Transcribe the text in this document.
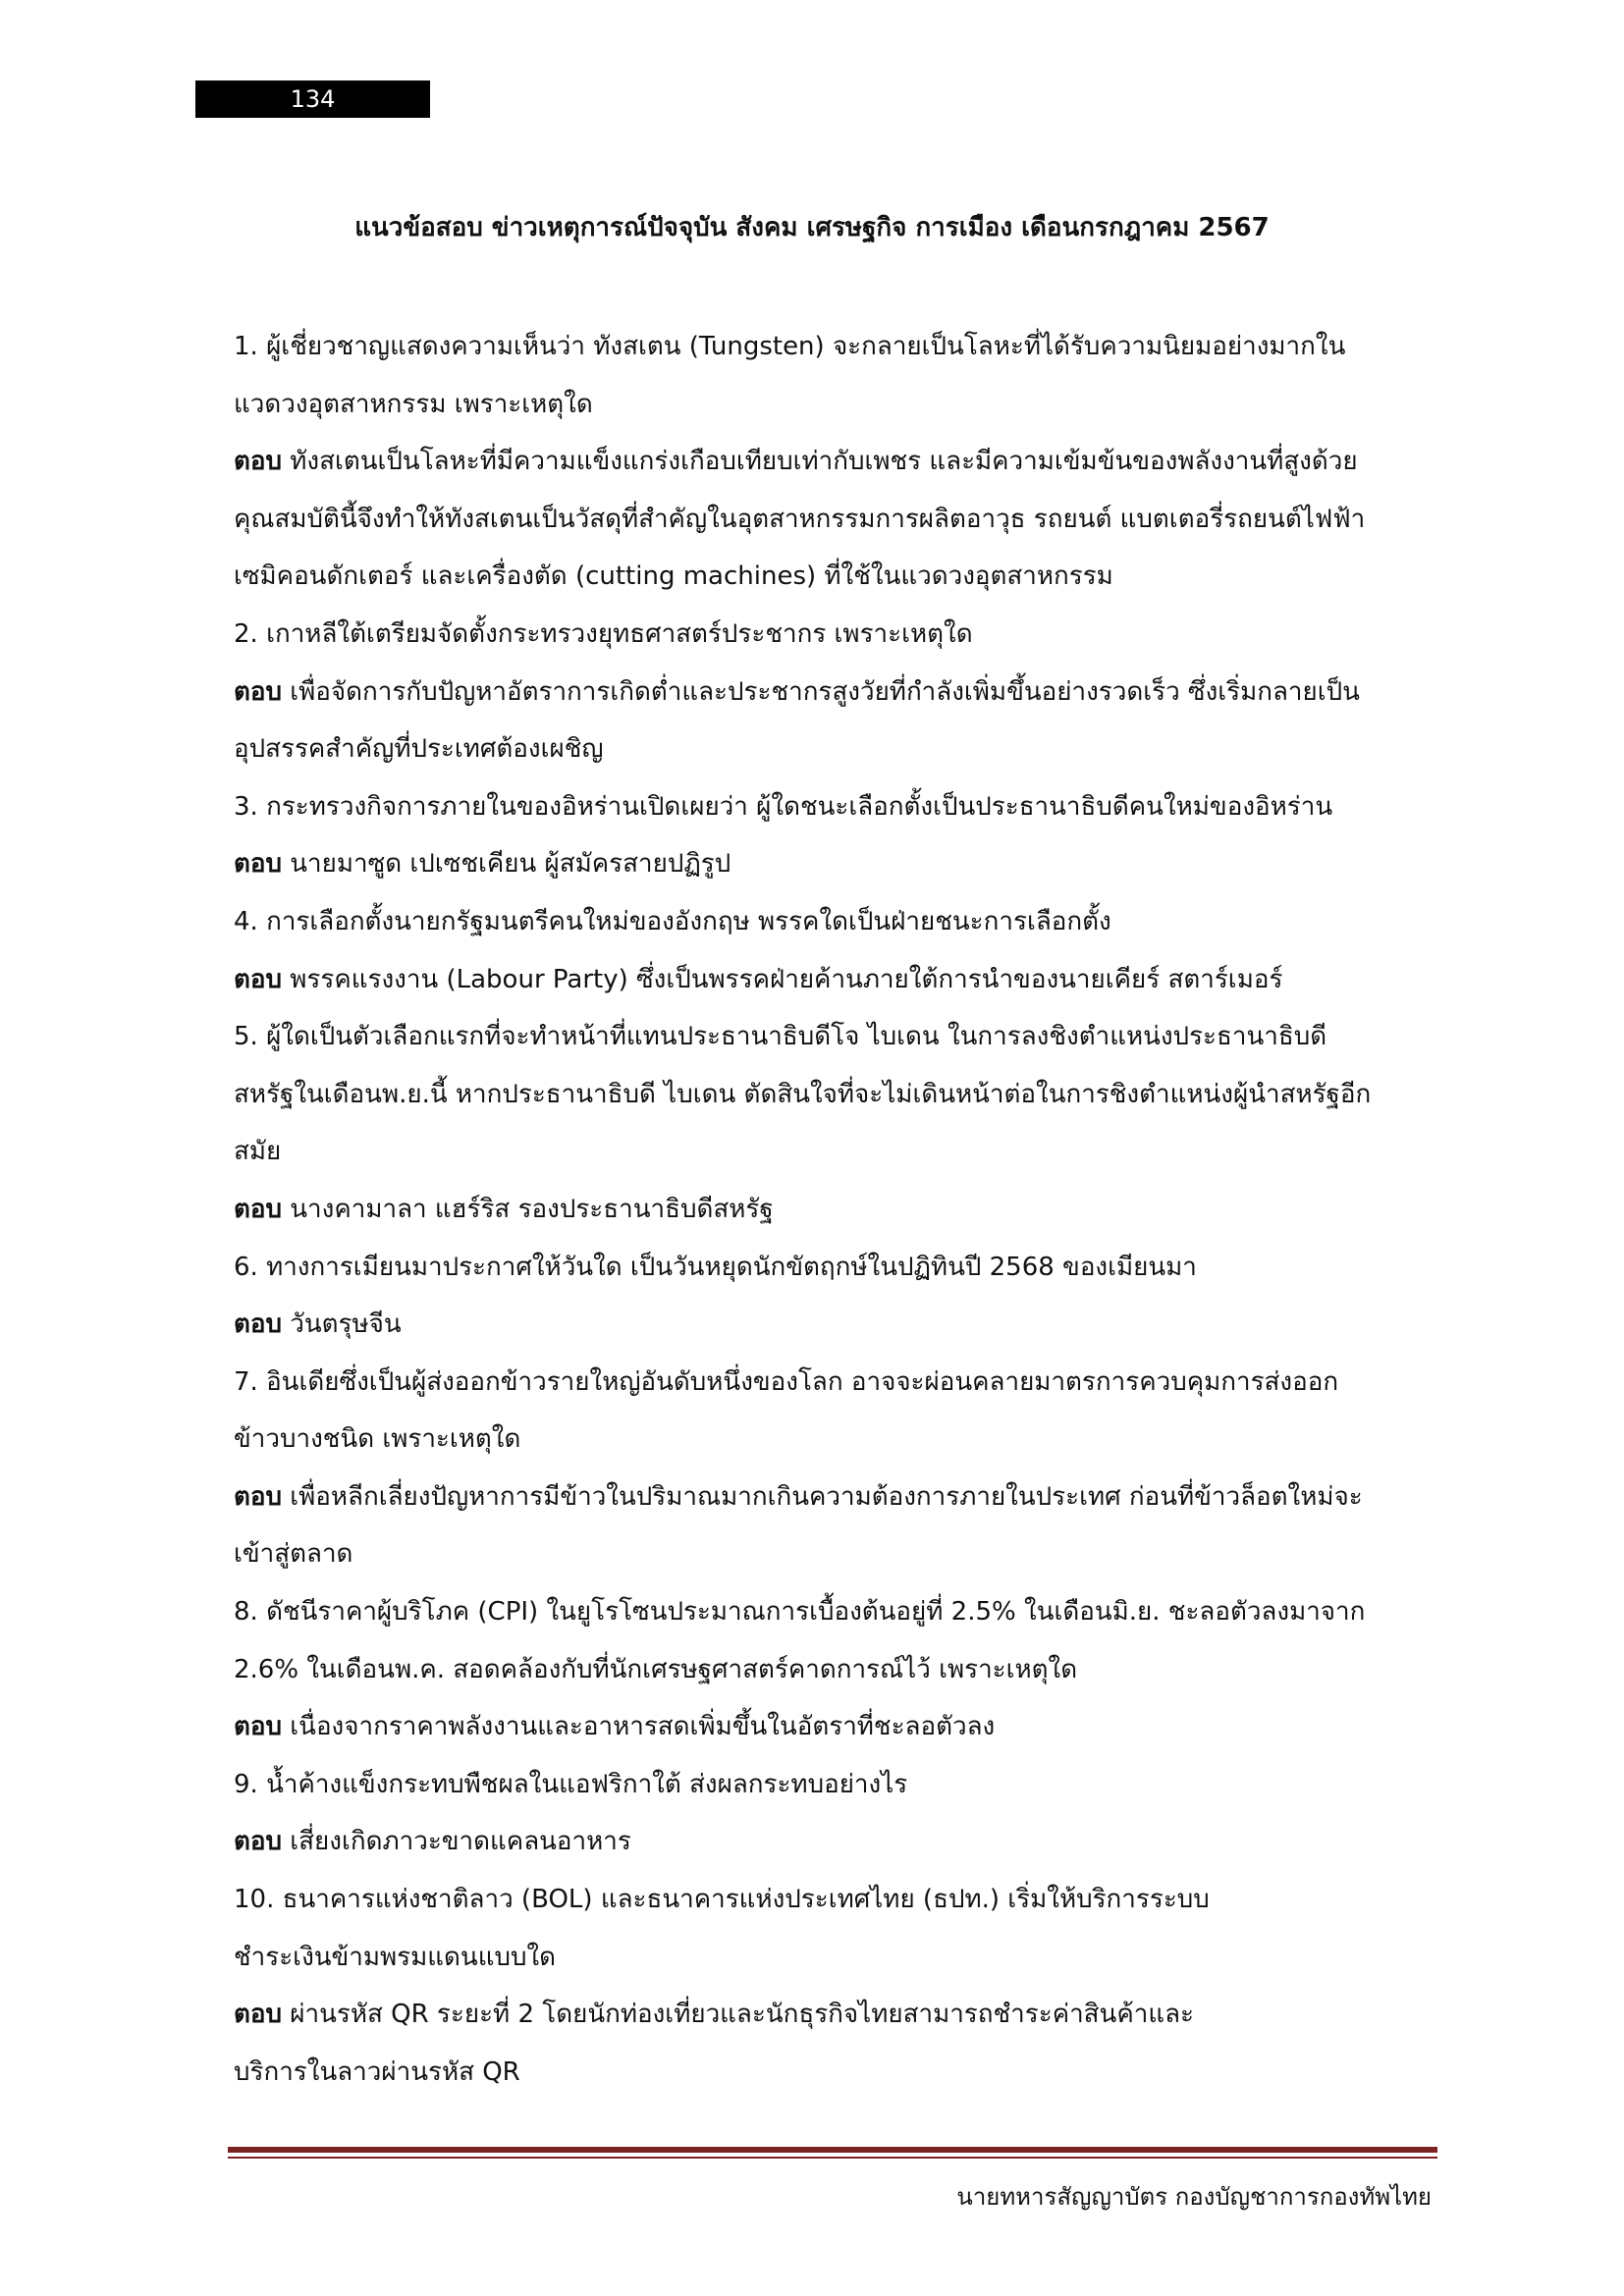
134
แนวข้อสอบ ข่าวเหตุการณ์ปัจจุบัน สังคม เศรษฐกิจ การเมือง เดือนกรกฎาคม 2567
1. ผู้เชี่ยวชาญแสดงความเห็นว่า ทังสเตน (Tungsten) จะกลายเป็นโลหะที่ได้รับความนิยมอย่างมากใน
แวดวงอุตสาหกรรม เพราะเหตุใด
ตอบ ทังสเตนเป็นโลหะที่มีความแข็งแกร่งเกือบเทียบเท่ากับเพชร และมีความเข้มข้นของพลังงานที่สูงด้วย
คุณสมบัตินี้จึงทำให้ทังสเตนเป็นวัสดุที่สำคัญในอุตสาหกรรมการผลิตอาวุธ รถยนต์ แบตเตอรี่รถยนต์ไฟฟ้า
เซมิคอนดักเตอร์ และเครื่องตัด (cutting machines) ที่ใช้ในแวดวงอุตสาหกรรม
2. เกาหลีใต้เตรียมจัดตั้งกระทรวงยุทธศาสตร์ประชากร เพราะเหตุใด
ตอบ เพื่อจัดการกับปัญหาอัตราการเกิดต่ำและประชากรสูงวัยที่กำลังเพิ่มขึ้นอย่างรวดเร็ว ซึ่งเริ่มกลายเป็น
อุปสรรคสำคัญที่ประเทศต้องเผชิญ
3. กระทรวงกิจการภายในของอิหร่านเปิดเผยว่า ผู้ใดชนะเลือกตั้งเป็นประธานาธิบดีคนใหม่ของอิหร่าน
ตอบ นายมาซูด เปเซชเคียน ผู้สมัครสายปฏิรูป
4. การเลือกตั้งนายกรัฐมนตรีคนใหม่ของอังกฤษ พรรคใดเป็นฝ่ายชนะการเลือกตั้ง
ตอบ พรรคแรงงาน (Labour Party) ซึ่งเป็นพรรคฝ่ายค้านภายใต้การนำของนายเคียร์ สตาร์เมอร์
5. ผู้ใดเป็นตัวเลือกแรกที่จะทำหน้าที่แทนประธานาธิบดีโจ ไบเดน ในการลงชิงตำแหน่งประธานาธิบดี
สหรัฐในเดือนพ.ย.นี้ หากประธานาธิบดี ไบเดน ตัดสินใจที่จะไม่เดินหน้าต่อในการชิงตำแหน่งผู้นำสหรัฐอีก
สมัย
ตอบ นางคามาลา แฮร์ริส รองประธานาธิบดีสหรัฐ
6. ทางการเมียนมาประกาศให้วันใด เป็นวันหยุดนักขัตฤกษ์ในปฏิทินปี 2568 ของเมียนมา
ตอบ วันตรุษจีน
7. อินเดียซึ่งเป็นผู้ส่งออกข้าวรายใหญ่อันดับหนึ่งของโลก อาจจะผ่อนคลายมาตรการควบคุมการส่งออก
ข้าวบางชนิด เพราะเหตุใด
ตอบ เพื่อหลีกเลี่ยงปัญหาการมีข้าวในปริมาณมากเกินความต้องการภายในประเทศ ก่อนที่ข้าวล็อตใหม่จะ
เข้าสู่ตลาด
8. ดัชนีราคาผู้บริโภค (CPI) ในยูโรโซนประมาณการเบื้องต้นอยู่ที่ 2.5% ในเดือนมิ.ย. ชะลอตัวลงมาจาก
2.6% ในเดือนพ.ค. สอดคล้องกับที่นักเศรษฐศาสตร์คาดการณ์ไว้ เพราะเหตุใด
ตอบ เนื่องจากราคาพลังงานและอาหารสดเพิ่มขึ้นในอัตราที่ชะลอตัวลง
9. น้ำค้างแข็งกระทบพืชผลในแอฟริกาใต้ ส่งผลกระทบอย่างไร
ตอบ เสี่ยงเกิดภาวะขาดแคลนอาหาร
10. ธนาคารแห่งชาติลาว (BOL) และธนาคารแห่งประเทศไทย (ธปท.) เริ่มให้บริการระบบ
ชำระเงินข้ามพรมแดนแบบใด
ตอบ ผ่านรหัส QR ระยะที่ 2 โดยนักท่องเที่ยวและนักธุรกิจไทยสามารถชำระค่าสินค้าและ
บริการในลาวผ่านรหัส QR
นายทหารสัญญาบัตร กองบัญชาการกองทัพไทย
